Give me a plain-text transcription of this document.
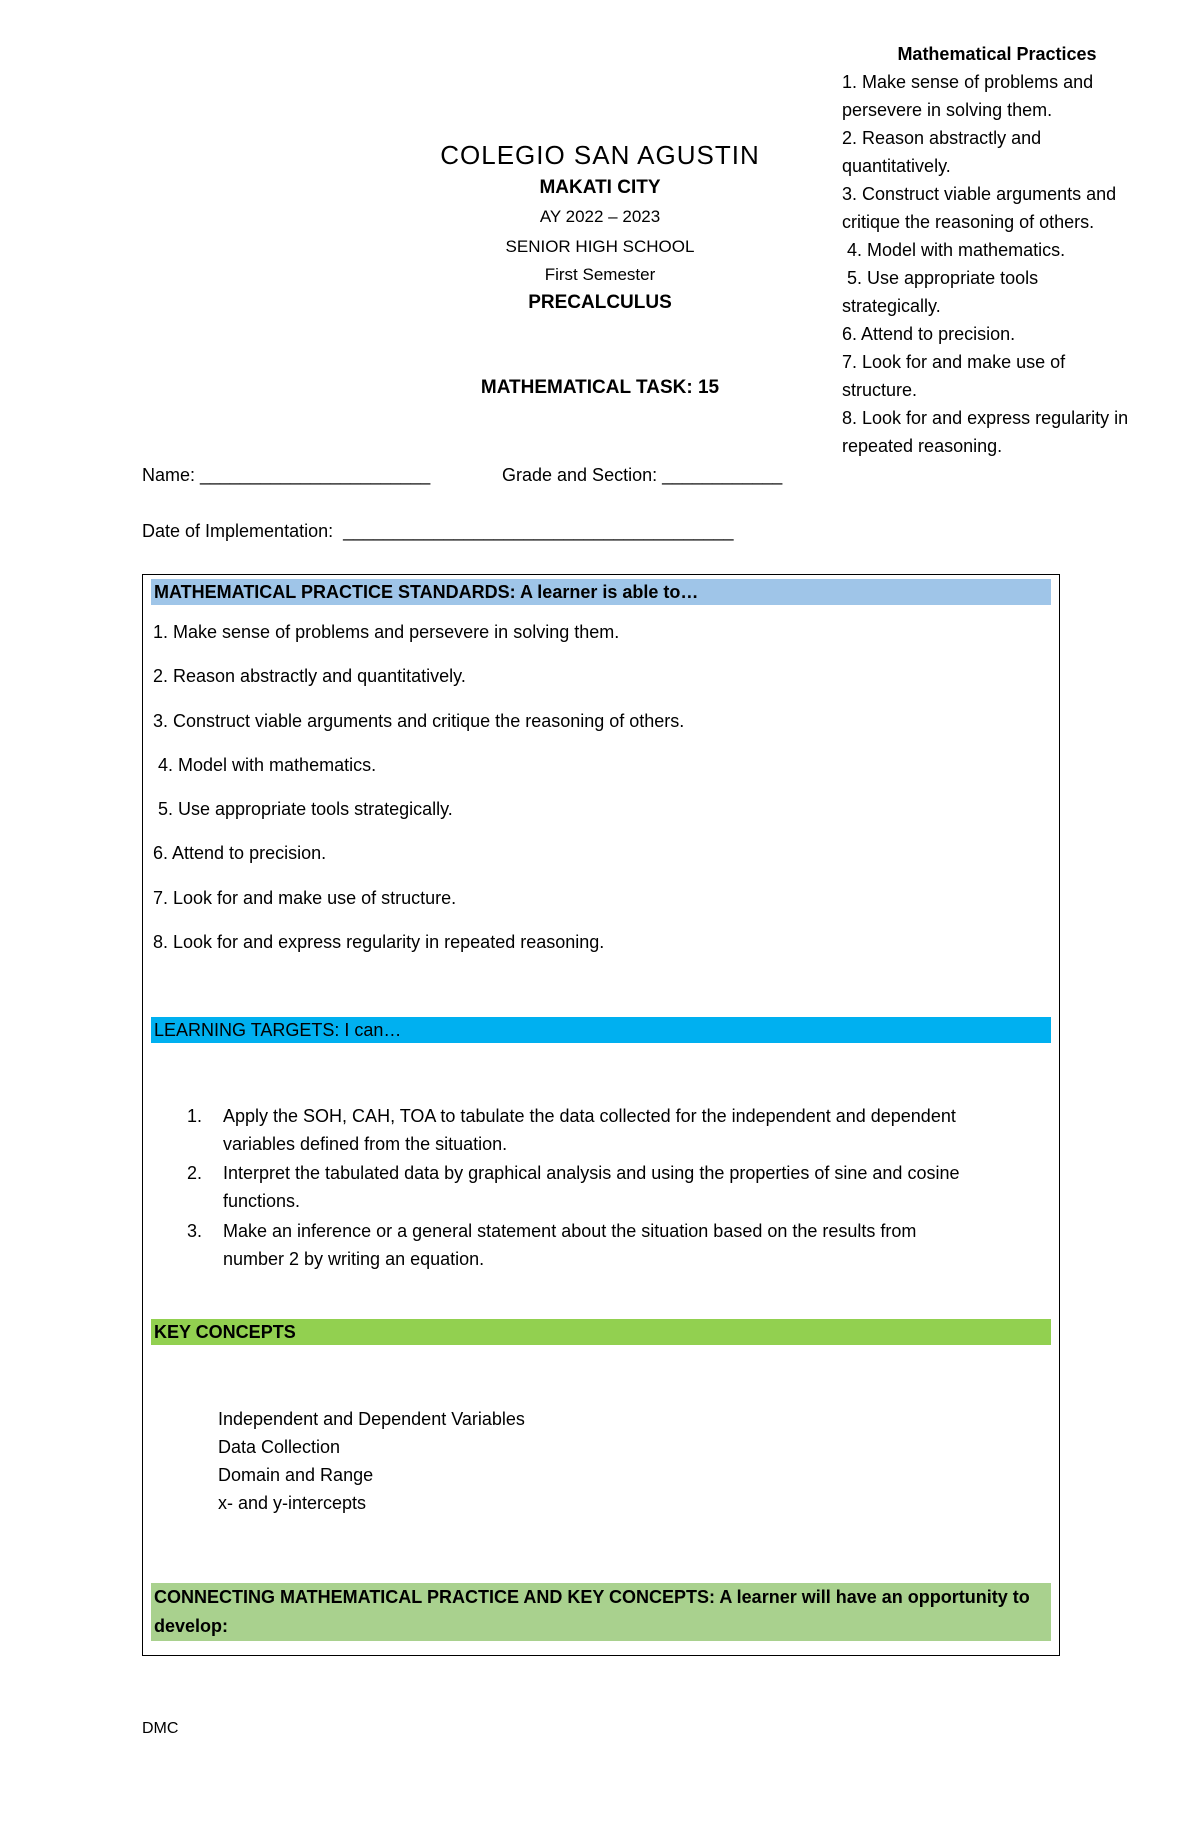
Mathematical Practices
1. Make sense of problems and
persevere in solving them.
2. Reason abstractly and
quantitatively.
3. Construct viable arguments and
critique the reasoning of others.
4. Model with mathematics.
5. Use appropriate tools
strategically.
6. Attend to precision.
7. Look for and make use of
structure.
8. Look for and express regularity in
repeated reasoning.
COLEGIO SAN AGUSTIN
MAKATI CITY
AY 2022 – 2023
SENIOR HIGH SCHOOL
First Semester
PRECALCULUS
MATHEMATICAL TASK: 15
Name: _______________________	Grade and Section: ____________
Date of Implementation:  _______________________________________
MATHEMATICAL PRACTICE STANDARDS: A learner is able to…
1. Make sense of problems and persevere in solving them.
2. Reason abstractly and quantitatively.
3. Construct viable arguments and critique the reasoning of others.
4. Model with mathematics.
5. Use appropriate tools strategically.
6. Attend to precision.
7. Look for and make use of structure.
8. Look for and express regularity in repeated reasoning.
LEARNING TARGETS: I can…
1. Apply the SOH, CAH, TOA to tabulate the data collected for the independent and dependent
variables defined from the situation.
2. Interpret the tabulated data by graphical analysis and using the properties of sine and cosine
functions.
3. Make an inference or a general statement about the situation based on the results from
number 2 by writing an equation.
KEY CONCEPTS
Independent and Dependent Variables
Data Collection
Domain and Range
x- and y-intercepts
CONNECTING MATHEMATICAL PRACTICE AND KEY CONCEPTS: A learner will have an opportunity to
develop:
DMC
